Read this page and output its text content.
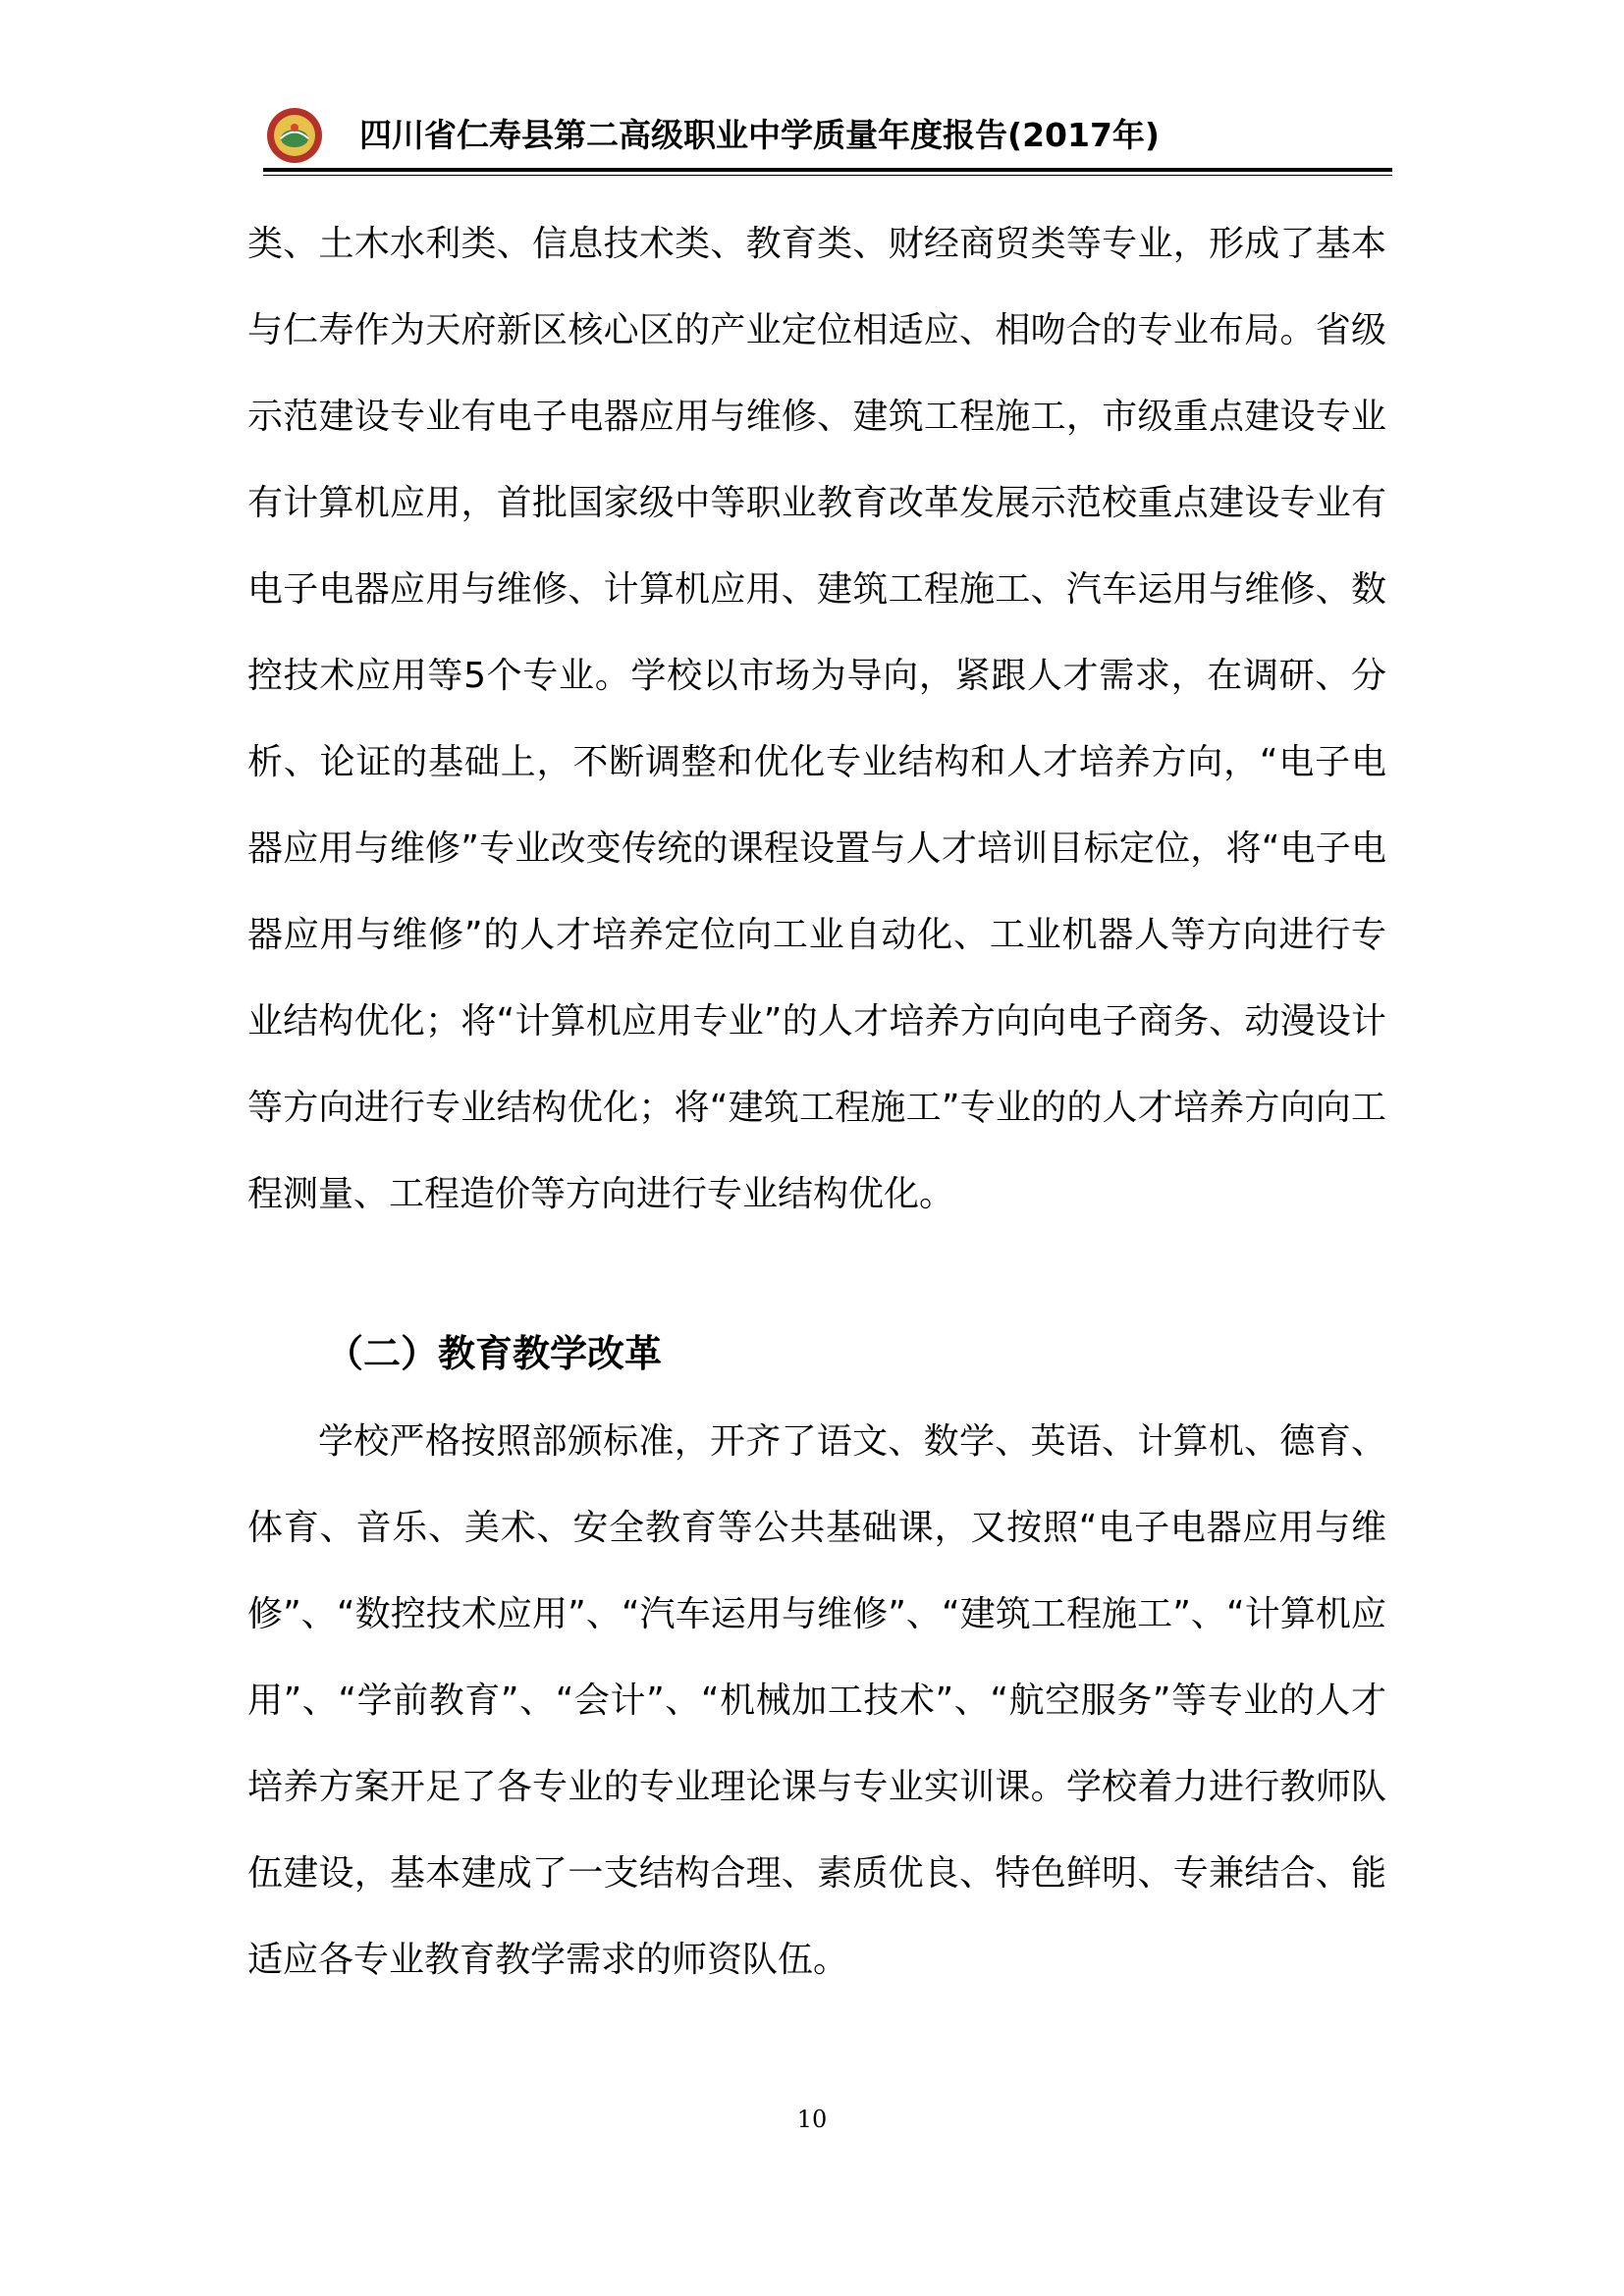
四川省仁寿县第二高级职业中学质量年度报告(2017年)

类、土木水利类、信息技术类、教育类、财经商贸类等专业，形成了基本与仁寿作为天府新区核心区的产业定位相适应、相吻合的专业布局。省级示范建设专业有电子电器应用与维修、建筑工程施工，市级重点建设专业有计算机应用，首批国家级中等职业教育改革发展示范校重点建设专业有电子电器应用与维修、计算机应用、建筑工程施工、汽车运用与维修、数控技术应用等5个专业。学校以市场为导向，紧跟人才需求，在调研、分析、论证的基础上，不断调整和优化专业结构和人才培养方向，“电子电器应用与维修”专业改变传统的课程设置与人才培训目标定位，将“电子电器应用与维修”的人才培养定位向工业自动化、工业机器人等方向进行专业结构优化；将“计算机应用专业”的人才培养方向向电子商务、动漫设计等方向进行专业结构优化；将“建筑工程施工”专业的的人才培养方向向工程测量、工程造价等方向进行专业结构优化。

（二）教育教学改革

学校严格按照部颁标准，开齐了语文、数学、英语、计算机、德育、体育、音乐、美术、安全教育等公共基础课，又按照“电子电器应用与维修”、“数控技术应用”、“汽车运用与维修”、“建筑工程施工”、“计算机应用”、“学前教育”、“会计”、“机械加工技术”、“航空服务”等专业的人才培养方案开足了各专业的专业理论课与专业实训课。学校着力进行教师队伍建设，基本建成了一支结构合理、素质优良、特色鲜明、专兼结合、能适应各专业教育教学需求的师资队伍。

10
